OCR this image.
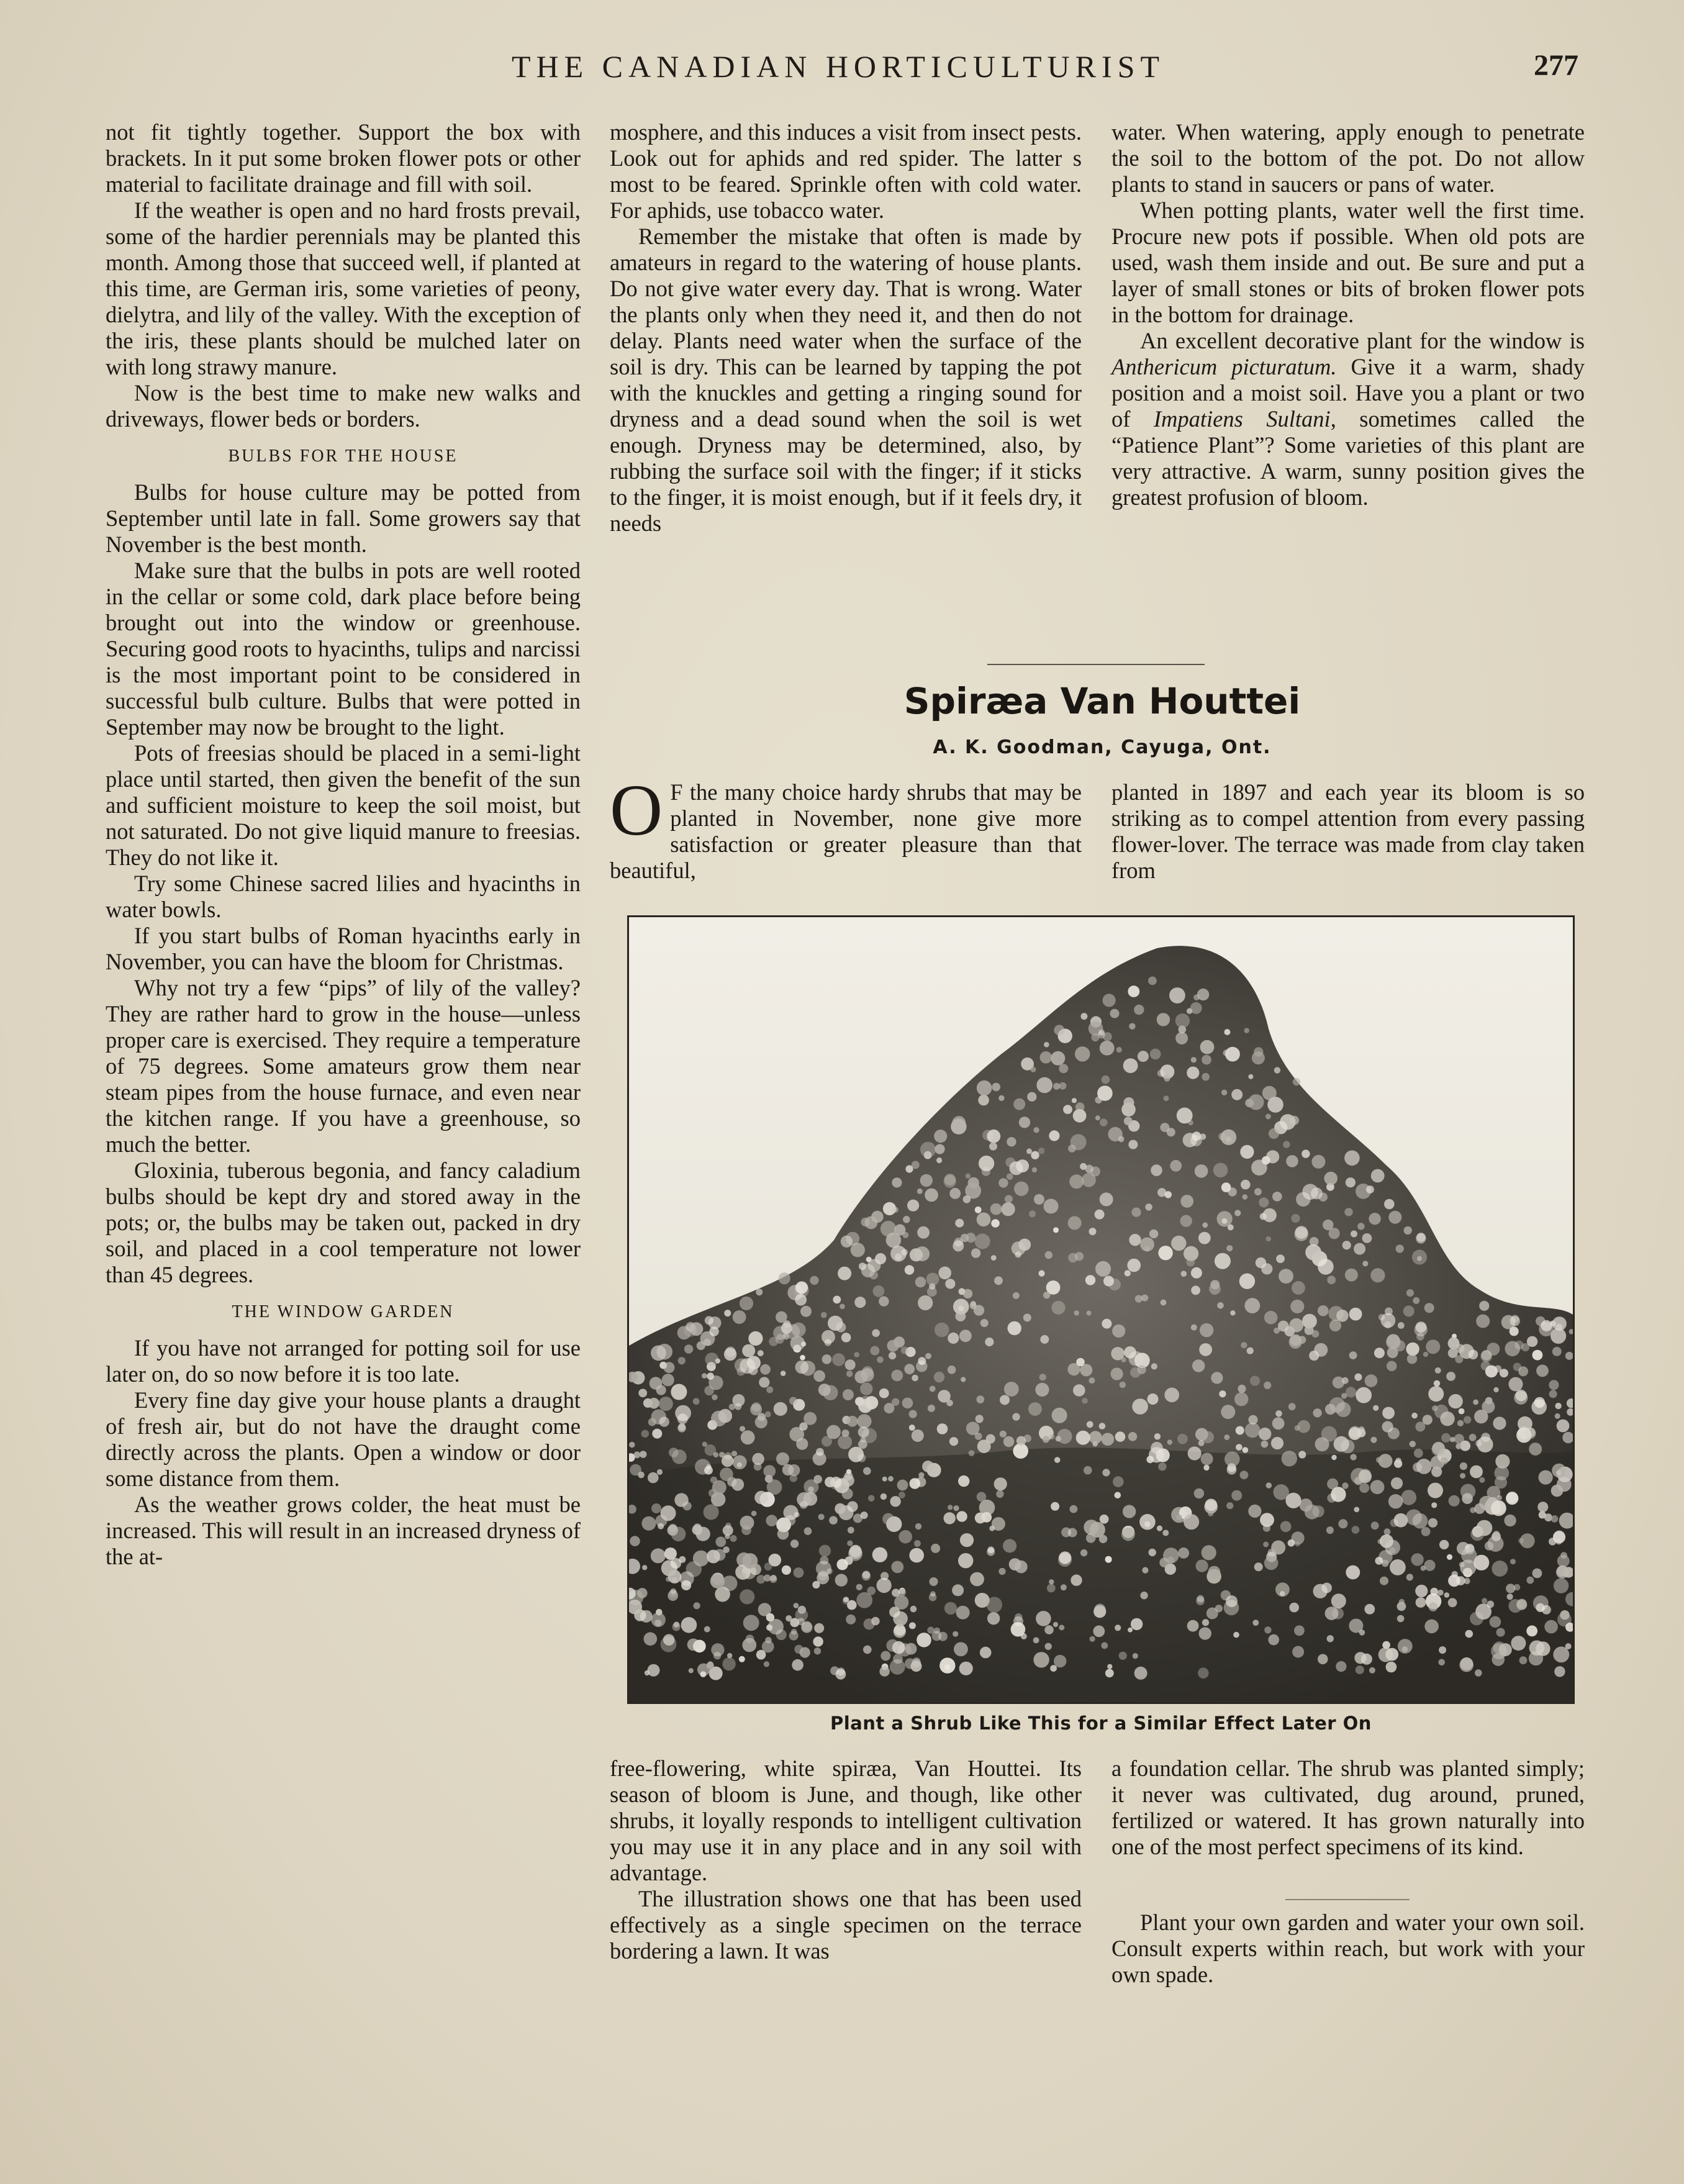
THE CANADIAN HORTICULTURIST	277

not fit tightly together. Support the box with brackets. In it put some broken flower pots or other material to facilitate drainage and fill with soil.

If the weather is open and no hard frosts prevail, some of the hardier perennials may be planted this month. Among those that succeed well, if planted at this time, are German iris, some varieties of peony, dielytra, and lily of the valley. With the exception of the iris, these plants should be mulched later on with long strawy manure.

Now is the best time to make new walks and driveways, flower beds or borders.

BULBS FOR THE HOUSE

Bulbs for house culture may be potted from September until late in fall. Some growers say that November is the best month.

Make sure that the bulbs in pots are well rooted in the cellar or some cold, dark place before being brought out into the window or greenhouse. Securing good roots to hyacinths, tulips and narcissi is the most important point to be considered in successful bulb culture. Bulbs that were potted in September may now be brought to the light.

Pots of freesias should be placed in a semi-light place until started, then given the benefit of the sun and sufficient moisture to keep the soil moist, but not saturated. Do not give liquid manure to freesias. They do not like it.

Try some Chinese sacred lilies and hyacinths in water bowls.

If you start bulbs of Roman hyacinths early in November, you can have the bloom for Christmas.

Why not try a few “pips” of lily of the valley? They are rather hard to grow in the house—unless proper care is exercised. They require a temperature of 75 degrees. Some amateurs grow them near steam pipes from the house furnace, and even near the kitchen range. If you have a greenhouse, so much the better.

Gloxinia, tuberous begonia, and fancy caladium bulbs should be kept dry and stored away in the pots; or, the bulbs may be taken out, packed in dry soil, and placed in a cool temperature not lower than 45 degrees.

THE WINDOW GARDEN

If you have not arranged for potting soil for use later on, do so now before it is too late.

Every fine day give your house plants a draught of fresh air, but do not have the draught come directly across the plants. Open a window or door some distance from them.

As the weather grows colder, the heat must be increased. This will result in an increased dryness of the at-

mosphere, and this induces a visit from insect pests. Look out for aphids and red spider. The latter s most to be feared. Sprinkle often with cold water. For aphids, use tobacco water.

Remember the mistake that often is made by amateurs in regard to the watering of house plants. Do not give water every day. That is wrong. Water the plants only when they need it, and then do not delay. Plants need water when the surface of the soil is dry. This can be learned by tapping the pot with the knuckles and getting a ringing sound for dryness and a dead sound when the soil is wet enough. Dryness may be determined, also, by rubbing the surface soil with the finger; if it sticks to the finger, it is moist enough, but if it feels dry, it needs

water. When watering, apply enough to penetrate the soil to the bottom of the pot. Do not allow plants to stand in saucers or pans of water.

When potting plants, water well the first time. Procure new pots if possible. When old pots are used, wash them inside and out. Be sure and put a layer of small stones or bits of broken flower pots in the bottom for drainage.

An excellent decorative plant for the window is Anthericum picturatum. Give it a warm, shady position and a moist soil. Have you a plant or two of Impatiens Sultani, sometimes called the “Patience Plant”? Some varieties of this plant are very attractive. A warm, sunny position gives the greatest profusion of bloom.

Spiræa Van Houttei
A. K. Goodman, Cayuga, Ont.
O F the many choice hardy shrubs that may be planted in November, none give more satisfaction or greater pleasure than that beautiful,

planted in 1897 and each year its bloom is so striking as to compel attention from every passing flower-lover. The terrace was made from clay taken from

Plant a Shrub Like This for a Similar Effect Later On

free-flowering, white spiræa, Van Houttei. Its season of bloom is June, and though, like other shrubs, it loyally responds to intelligent cultivation you may use it in any place and in any soil with advantage.

The illustration shows one that has been used effectively as a single specimen on the terrace bordering a lawn. It was

a foundation cellar. The shrub was planted simply; it never was cultivated, dug around, pruned, fertilized or watered. It has grown naturally into one of the most perfect specimens of its kind.

Plant your own garden and water your own soil. Consult experts within reach, but work with your own spade.
